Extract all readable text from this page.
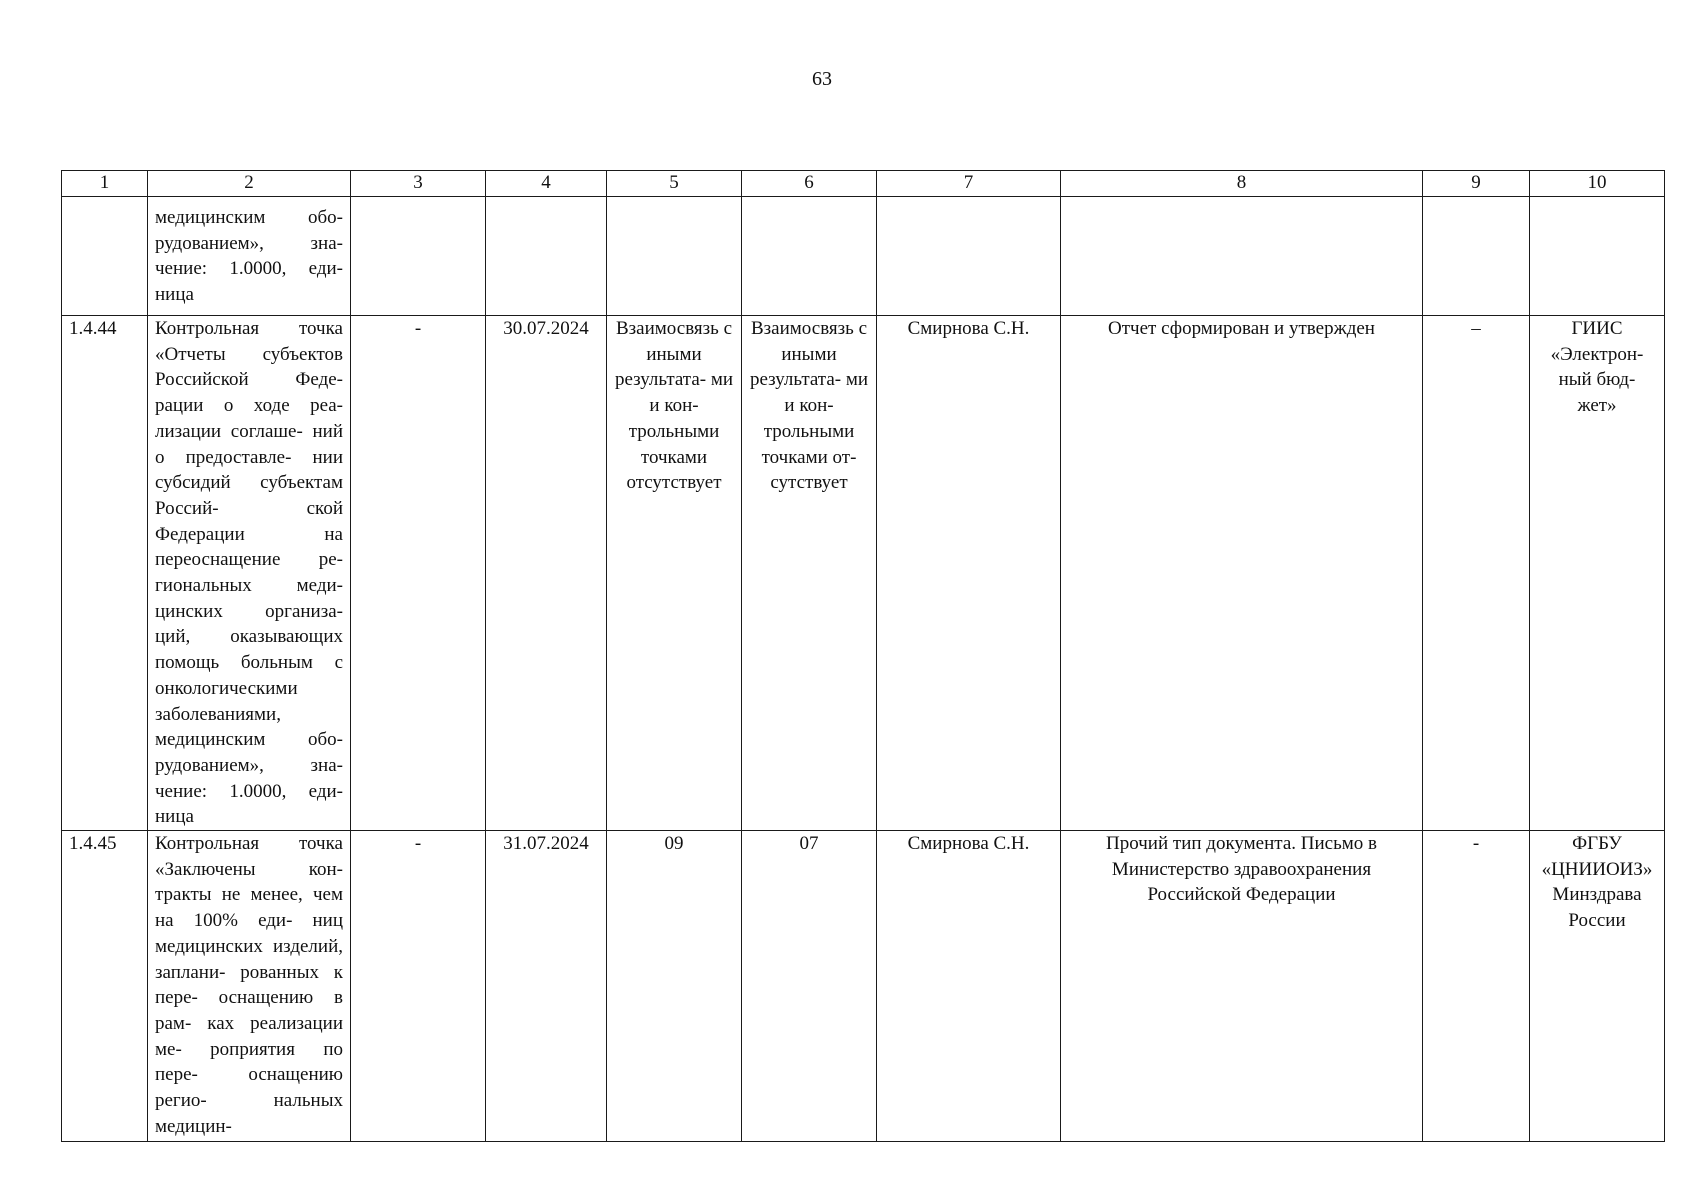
63
1	2	3	4	5	6	7	8	9	10
	медицинским обо- рудованием», зна- чение: 1.0000, еди- ница								
1.4.44	Контрольная точка «Отчеты субъектов Российской Феде- рации о ходе реа- лизации соглаше- ний о предоставле- нии субсидий субъектам Россий- ской Федерации на переоснащение ре- гиональных меди- цинских организа- ций, оказывающих помощь больным с онкологическими заболеваниями, медицинским обо- рудованием», зна- чение: 1.0000, еди- ница	-	30.07.2024	Взаимосвязь с иными результата- ми и кон- трольными точками отсутствует	Взаимосвязь с иными результата- ми и кон- трольными точками от- сутствует	Смирнова С.Н.	Отчет сформирован и утвержден	–	ГИИС «Электрон- ный бюд- жет»
1.4.45	Контрольная точка «Заключены кон- тракты не менее, чем на 100% еди- ниц медицинских изделий, заплани- рованных к пере- оснащению в рам- ках реализации ме- роприятия по пере- оснащению регио- нальных медицин-	-	31.07.2024	09	07	Смирнова С.Н.	Прочий тип документа. Письмо в Министерство здравоохранения Российской Федерации	-	ФГБУ «ЦНИИОИЗ» Минздрава России
